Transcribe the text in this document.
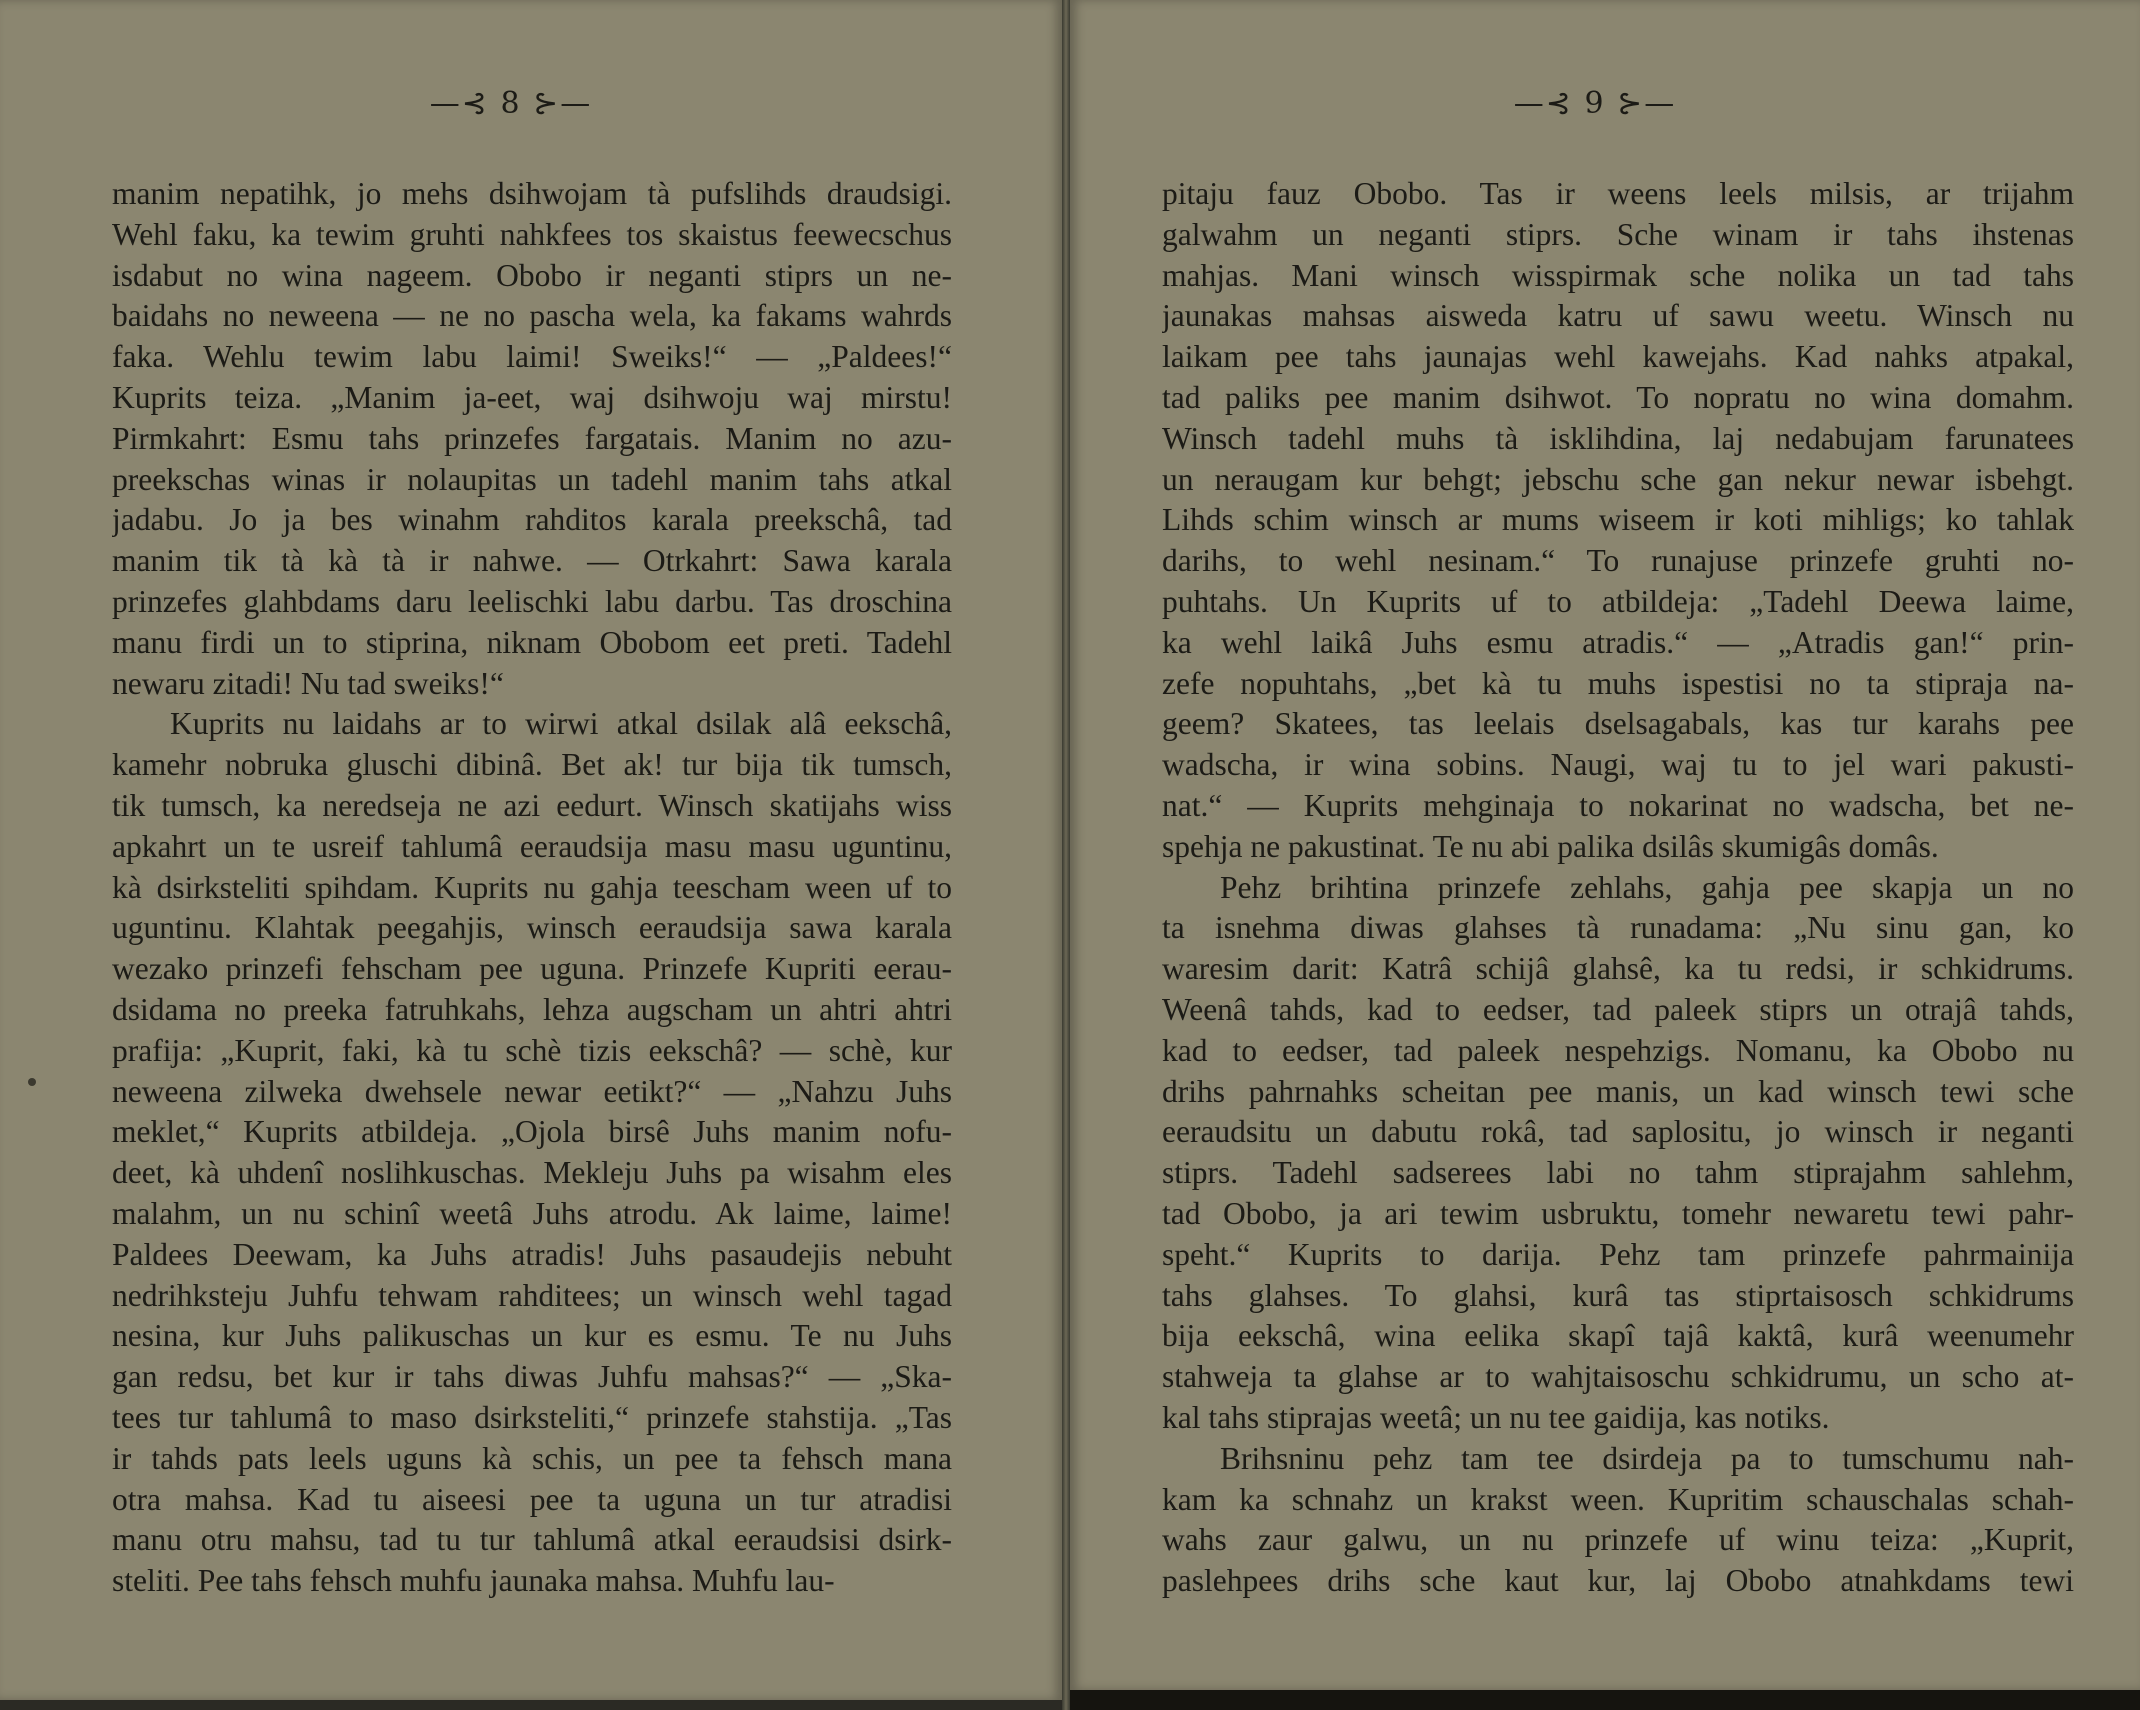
—⊰ 8 ⊱—
manim nepatihk, jo mehs dsihwojam tà pufslihds draudsigi.
Wehl faku, ka tewim gruhti nahkfees tos skaistus feewecschus
isdabut no wina nageem. Obobo ir neganti stiprs un ne-
baidahs no neweena — ne no pascha wela, ka fakams wahrds
faka. Wehlu tewim labu laimi! Sweiks!“ — „Paldees!“
Kuprits teiza. „Manim ja-eet, waj dsihwoju waj mirstu!
Pirmkahrt: Esmu tahs prinzefes fargatais. Manim no azu-
preekschas winas ir nolaupitas un tadehl manim tahs atkal
jadabu. Jo ja bes winahm rahditos karala preekschâ, tad
manim tik tà kà tà ir nahwe. — Otrkahrt: Sawa karala
prinzefes glahbdams daru leelischki labu darbu. Tas droschina
manu firdi un to stiprina, niknam Obobom eet preti. Tadehl
newaru zitadi! Nu tad sweiks!“
Kuprits nu laidahs ar to wirwi atkal dsilak alâ eekschâ,
kamehr nobruka gluschi dibinâ. Bet ak! tur bija tik tumsch,
tik tumsch, ka neredseja ne azi eedurt. Winsch skatijahs wiss
apkahrt un te usreif tahlumâ eeraudsija masu masu uguntinu,
kà dsirksteliti spihdam. Kuprits nu gahja teescham ween uf to
uguntinu. Klahtak peegahjis, winsch eeraudsija sawa karala
wezako prinzefi fehscham pee uguna. Prinzefe Kupriti eerau-
dsidama no preeka fatruhkahs, lehza augscham un ahtri ahtri
prafija: „Kuprit, faki, kà tu schè tizis eekschâ? — schè, kur
neweena zilweka dwehsele newar eetikt?“ — „Nahzu Juhs
meklet,“ Kuprits atbildeja. „Ojola birsê Juhs manim nofu-
deet, kà uhdenî noslihkuschas. Mekleju Juhs pa wisahm eles
malahm, un nu schinî weetâ Juhs atrodu. Ak laime, laime!
Paldees Deewam, ka Juhs atradis! Juhs pasaudejis nebuht
nedrihksteju Juhfu tehwam rahditees; un winsch wehl tagad
nesina, kur Juhs palikuschas un kur es esmu. Te nu Juhs
gan redsu, bet kur ir tahs diwas Juhfu mahsas?“ — „Ska-
tees tur tahlumâ to maso dsirksteliti,“ prinzefe stahstija. „Tas
ir tahds pats leels uguns kà schis, un pee ta fehsch mana
otra mahsa. Kad tu aiseesi pee ta uguna un tur atradisi
manu otru mahsu, tad tu tur tahlumâ atkal eeraudsisi dsirk-
steliti. Pee tahs fehsch muhfu jaunaka mahsa. Muhfu lau-
—⊰ 9 ⊱—
pitaju fauz Obobo. Tas ir weens leels milsis, ar trijahm
galwahm un neganti stiprs. Sche winam ir tahs ihstenas
mahjas. Mani winsch wisspirmak sche nolika un tad tahs
jaunakas mahsas aisweda katru uf sawu weetu. Winsch nu
laikam pee tahs jaunajas wehl kawejahs. Kad nahks atpakal,
tad paliks pee manim dsihwot. To nopratu no wina domahm.
Winsch tadehl muhs tà isklihdina, laj nedabujam farunatees
un neraugam kur behgt; jebschu sche gan nekur newar isbehgt.
Lihds schim winsch ar mums wiseem ir koti mihligs; ko tahlak
darihs, to wehl nesinam.“ To runajuse prinzefe gruhti no-
puhtahs. Un Kuprits uf to atbildeja: „Tadehl Deewa laime,
ka wehl laikâ Juhs esmu atradis.“ — „Atradis gan!“ prin-
zefe nopuhtahs, „bet kà tu muhs ispestisi no ta stipraja na-
geem? Skatees, tas leelais dselsagabals, kas tur karahs pee
wadscha, ir wina sobins. Naugi, waj tu to jel wari pakusti-
nat.“ — Kuprits mehginaja to nokarinat no wadscha, bet ne-
spehja ne pakustinat. Te nu abi palika dsilâs skumigâs domâs.
Pehz brihtina prinzefe zehlahs, gahja pee skapja un no
ta isnehma diwas glahses tà runadama: „Nu sinu gan, ko
waresim darit: Katrâ schijâ glahsê, ka tu redsi, ir schkidrums.
Weenâ tahds, kad to eedser, tad paleek stiprs un otrajâ tahds,
kad to eedser, tad paleek nespehzigs. Nomanu, ka Obobo nu
drihs pahrnahks scheitan pee manis, un kad winsch tewi sche
eeraudsitu un dabutu rokâ, tad saplositu, jo winsch ir neganti
stiprs. Tadehl sadserees labi no tahm stiprajahm sahlehm,
tad Obobo, ja ari tewim usbruktu, tomehr newaretu tewi pahr-
speht.“ Kuprits to darija. Pehz tam prinzefe pahrmainija
tahs glahses. To glahsi, kurâ tas stiprtaisosch schkidrums
bija eekschâ, wina eelika skapî tajâ kaktâ, kurâ weenumehr
stahweja ta glahse ar to wahjtaisoschu schkidrumu, un scho at-
kal tahs stiprajas weetâ; un nu tee gaidija, kas notiks.
Brihsninu pehz tam tee dsirdeja pa to tumschumu nah-
kam ka schnahz un krakst ween. Kupritim schauschalas schah-
wahs zaur galwu, un nu prinzefe uf winu teiza: „Kuprit,
paslehpees drihs sche kaut kur, laj Obobo atnahkdams tewi
